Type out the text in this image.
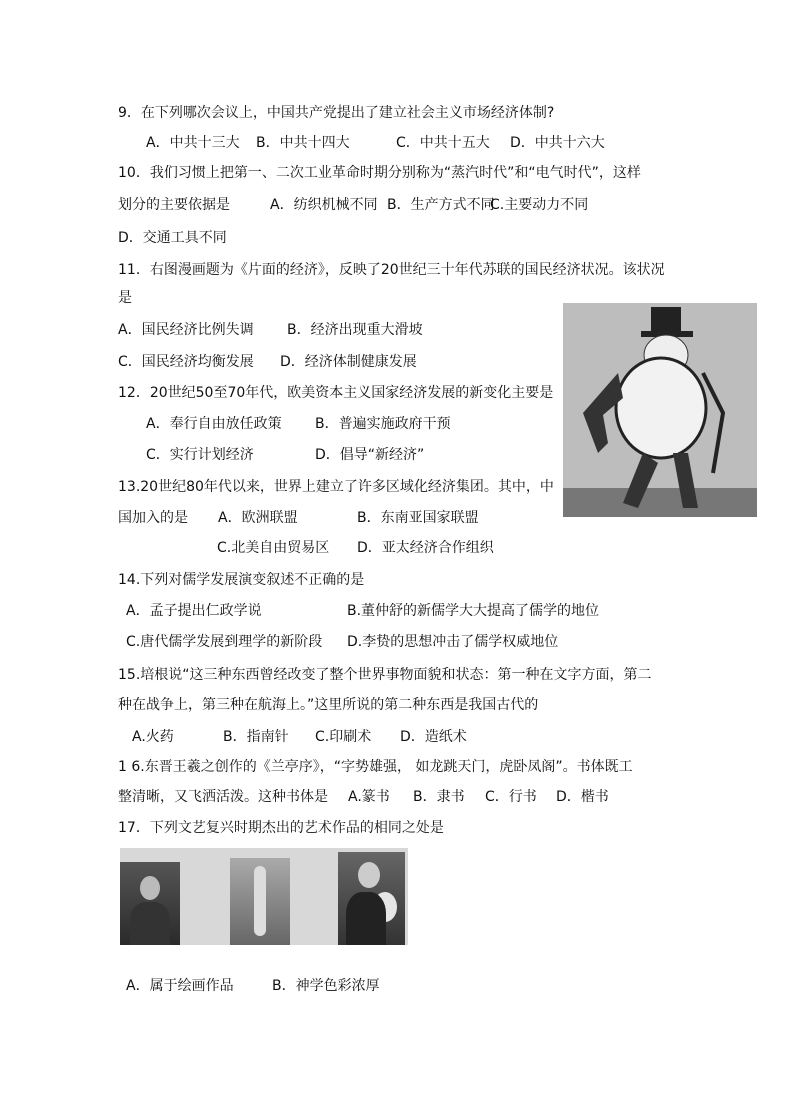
9．在下列哪次会议上，中国共产党提出了建立社会主义市场经济体制?
A．中共十三大 B．中共十四大	C．中共十五大 D．中共十六大
10．我们习惯上把第一、二次工业革命时期分别称为“蒸汽时代”和“电气时代”，这样
划分的主要依据是	A．纺织机械不同 B．生产方式不同
C.主要动力不同
D．交通工具不同
11．右图漫画题为《片面的经济》，反映了20世纪三十年代苏联的国民经济状况。该状况
是
A．国民经济比例失调 B．经济出现重大滑坡
C．国民经济均衡发展 D．经济体制健康发展
12．20世纪50至70年代，欧美资本主义国家经济发展的新变化主要是
A．奉行自由放任政策 B．普遍实施政府干预
C．实行计划经济	D．倡导“新经济”
13.20世纪80年代以来，世界上建立了许多区域化经济集团。其中，中
国加入的是 A．欧洲联盟	B．东南亚国家联盟
C.北美自由贸易区 D．亚太经济合作组织
14.下列对儒学发展演变叙述不正确的是
A．孟子提出仁政学说	B.董仲舒的新儒学大大提高了儒学的地位
C.唐代儒学发展到理学的新阶段 D.李贽的思想冲击了儒学权威地位
15.培根说“这三种东西曾经改变了整个世界事物面貌和状态：第一种在文字方面，第二
种在战争上，第三种在航海上。”这里所说的第二种东西是我国古代的
A.火药	B．指南针 C.印刷术 D．造纸术
1 6.东晋王羲之创作的《兰亭序》，“字势雄强， 如龙跳天门，虎卧凤阁”。书体既工
整清晰，又飞洒活泼。这种书体是 A.篆书 B．隶书 C．行书 D．楷书
17．下列文艺复兴时期杰出的艺术作品的相同之处是
A．属于绘画作品	B．神学色彩浓厚
